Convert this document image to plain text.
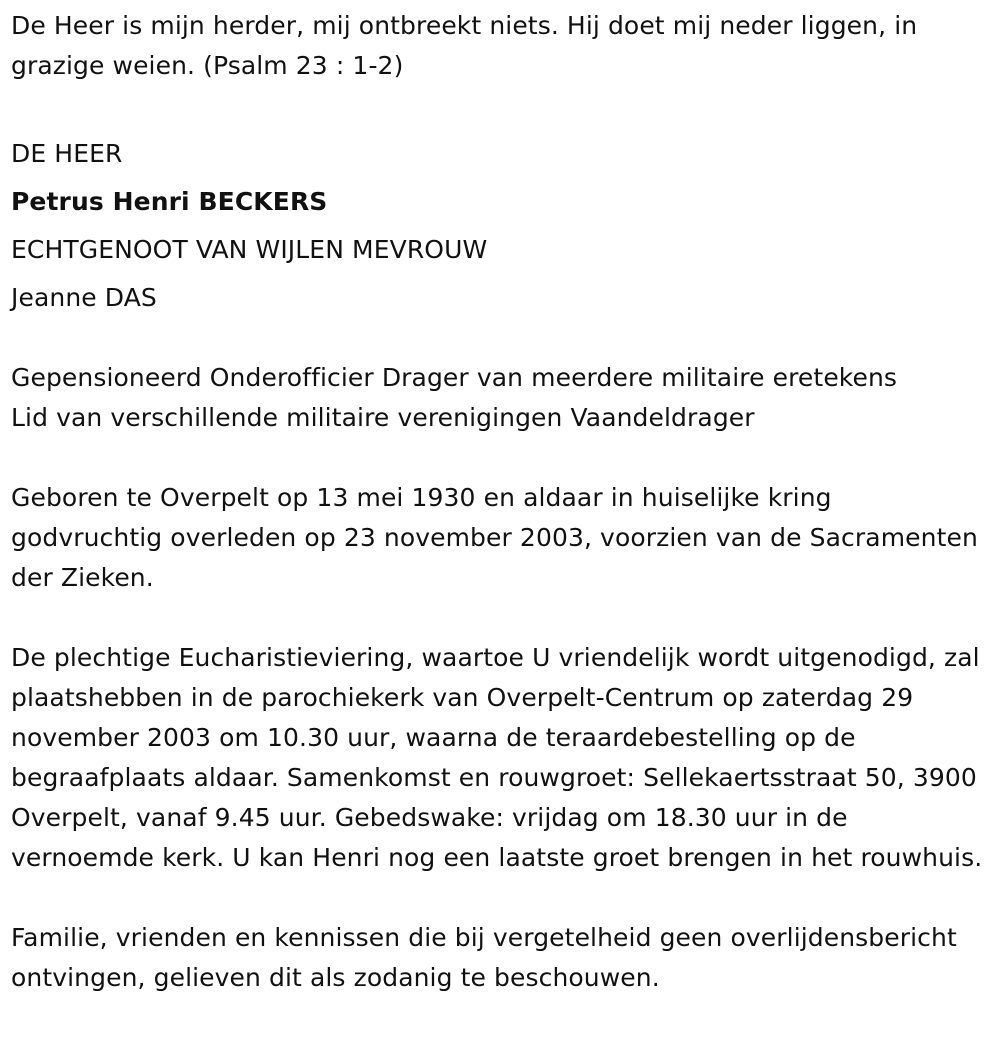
De Heer is mijn herder, mij ontbreekt niets. Hij doet mij neder liggen, in grazige weien. (Psalm 23 : 1-2)

DE HEER

Petrus Henri BECKERS

ECHTGENOOT VAN WIJLEN MEVROUW

Jeanne DAS

Gepensioneerd Onderofficier Drager van meerdere militaire eretekens

Lid van verschillende militaire verenigingen Vaandeldrager

Geboren te Overpelt op 13 mei 1930 en aldaar in huiselijke kring godvruchtig overleden op 23 november 2003, voorzien van de Sacramenten der Zieken.

De plechtige Eucharistieviering, waartoe U vriendelijk wordt uitgenodigd, zal plaatshebben in de parochiekerk van Overpelt-Centrum op zaterdag 29 november 2003 om 10.30 uur, waarna de teraardebestelling op de begraafplaats aldaar. Samenkomst en rouwgroet: Sellekaertsstraat 50, 3900 Overpelt, vanaf 9.45 uur. Gebedswake: vrijdag om 18.30 uur in de vernoemde kerk. U kan Henri nog een laatste groet brengen in het rouwhuis.

Familie, vrienden en kennissen die bij vergetelheid geen overlijdensbericht ontvingen, gelieven dit als zodanig te beschouwen.
